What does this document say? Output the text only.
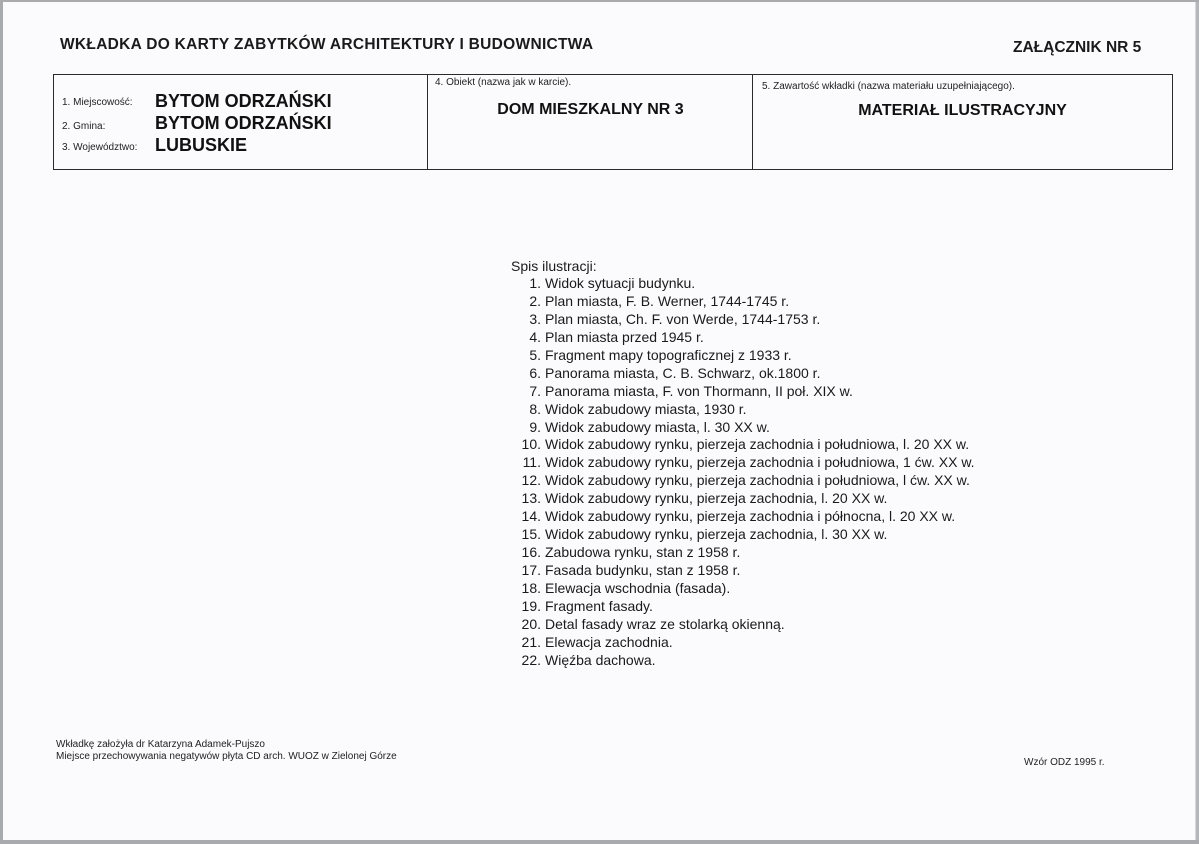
WKŁADKA DO KARTY ZABYTKÓW ARCHITEKTURY I BUDOWNICTWA	ZAŁĄCZNIK NR 5
1. Miejscowość: BYTOM ODRZAŃSKI
2. Gmina:	BYTOM ODRZAŃSKI
3. Województwo: LUBUSKIE
4. Obiekt (nazwa jak w karcie).
DOM MIESZKALNY NR 3
5. Zawartość wkładki (nazwa materiału uzupełniającego).
MATERIAŁ ILUSTRACYJNY
Spis ilustracji:
1. Widok sytuacji budynku.
2. Plan miasta, F. B. Werner, 1744-1745 r.
3. Plan miasta, Ch. F. von Werde, 1744-1753 r.
4. Plan miasta przed 1945 r.
5. Fragment mapy topograficznej z 1933 r.
6. Panorama miasta, C. B. Schwarz, ok.1800 r.
7. Panorama miasta, F. von Thormann, II poł. XIX w.
8. Widok zabudowy miasta, 1930 r.
9. Widok zabudowy miasta, l. 30 XX w.
10. Widok zabudowy rynku, pierzeja zachodnia i południowa, l. 20 XX w.
11. Widok zabudowy rynku, pierzeja zachodnia i południowa, 1 ćw. XX w.
12. Widok zabudowy rynku, pierzeja zachodnia i południowa, l ćw. XX w.
13. Widok zabudowy rynku, pierzeja zachodnia, l. 20 XX w.
14. Widok zabudowy rynku, pierzeja zachodnia i północna, l. 20 XX w.
15. Widok zabudowy rynku, pierzeja zachodnia, l. 30 XX w.
16. Zabudowa rynku, stan z 1958 r.
17. Fasada budynku, stan z 1958 r.
18. Elewacja wschodnia (fasada).
19. Fragment fasady.
20. Detal fasady wraz ze stolarką okienną.
21. Elewacja zachodnia.
22. Więźba dachowa.
Wkładkę założyła dr Katarzyna Adamek-Pujszo
Miejsce przechowywania negatywów płyta CD arch. WUOZ w Zielonej Górze
Wzór ODZ 1995 r.
